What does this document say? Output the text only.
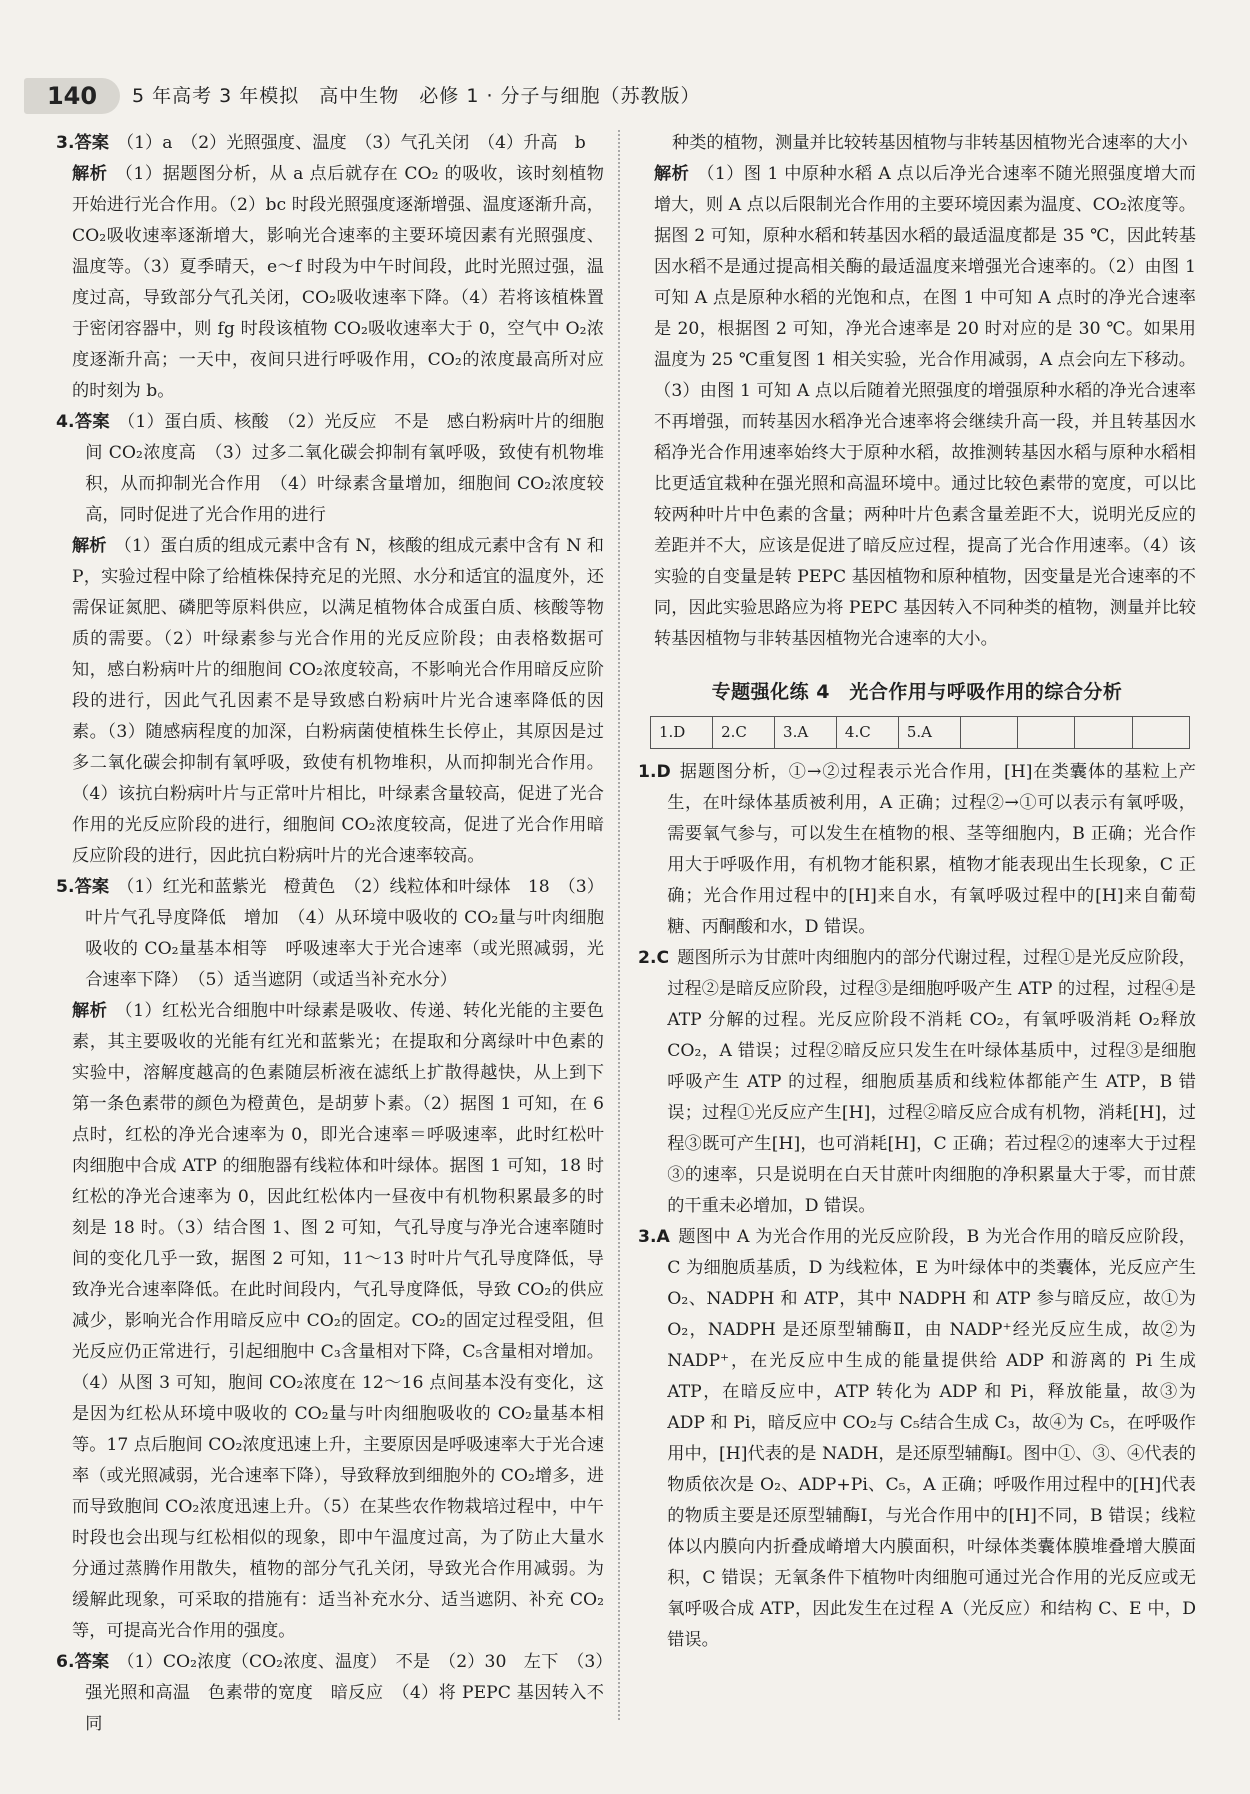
140	5 年高考 3 年模拟　高中生物　必修 1 · 分子与细胞（苏教版）

3.答案 （1）a　（2）光照强度、温度　（3）气孔关闭　（4）升高　b

解析 （1）据题图分析，从 a 点后就存在 CO₂ 的吸收，该时刻植物开始进行光合作用。（2）bc 时段光照强度逐渐增强、温度逐渐升高，CO₂吸收速率逐渐增大，影响光合速率的主要环境因素有光照强度、温度等。（3）夏季晴天，e～f 时段为中午时间段，此时光照过强，温度过高，导致部分气孔关闭，CO₂吸收速率下降。（4）若将该植株置于密闭容器中，则 fg 时段该植物 CO₂吸收速率大于 0，空气中 O₂浓度逐渐升高；一天中，夜间只进行呼吸作用，CO₂的浓度最高所对应的时刻为 b。

4.答案 （1）蛋白质、核酸　（2）光反应　不是　感白粉病叶片的细胞间 CO₂浓度高　（3）过多二氧化碳会抑制有氧呼吸，致使有机物堆积，从而抑制光合作用　（4）叶绿素含量增加，细胞间 CO₂浓度较高，同时促进了光合作用的进行

解析 （1）蛋白质的组成元素中含有 N，核酸的组成元素中含有 N 和 P，实验过程中除了给植株保持充足的光照、水分和适宜的温度外，还需保证氮肥、磷肥等原料供应，以满足植物体合成蛋白质、核酸等物质的需要。（2）叶绿素参与光合作用的光反应阶段；由表格数据可知，感白粉病叶片的细胞间 CO₂浓度较高，不影响光合作用暗反应阶段的进行，因此气孔因素不是导致感白粉病叶片光合速率降低的因素。（3）随感病程度的加深，白粉病菌使植株生长停止，其原因是过多二氧化碳会抑制有氧呼吸，致使有机物堆积，从而抑制光合作用。（4）该抗白粉病叶片与正常叶片相比，叶绿素含量较高，促进了光合作用的光反应阶段的进行，细胞间 CO₂浓度较高，促进了光合作用暗反应阶段的进行，因此抗白粉病叶片的光合速率较高。

5.答案 （1）红光和蓝紫光　橙黄色　（2）线粒体和叶绿体　18　（3）叶片气孔导度降低　增加　（4）从环境中吸收的 CO₂量与叶肉细胞吸收的 CO₂量基本相等　呼吸速率大于光合速率（或光照减弱，光合速率下降）　（5）适当遮阴（或适当补充水分）

解析 （1）红松光合细胞中叶绿素是吸收、传递、转化光能的主要色素，其主要吸收的光能有红光和蓝紫光；在提取和分离绿叶中色素的实验中，溶解度越高的色素随层析液在滤纸上扩散得越快，从上到下第一条色素带的颜色为橙黄色，是胡萝卜素。（2）据图 1 可知，在 6 点时，红松的净光合速率为 0，即光合速率＝呼吸速率，此时红松叶肉细胞中合成 ATP 的细胞器有线粒体和叶绿体。据图 1 可知，18 时红松的净光合速率为 0，因此红松体内一昼夜中有机物积累最多的时刻是 18 时。（3）结合图 1、图 2 可知，气孔导度与净光合速率随时间的变化几乎一致，据图 2 可知，11～13 时叶片气孔导度降低，导致净光合速率降低。在此时间段内，气孔导度降低，导致 CO₂的供应减少，影响光合作用暗反应中 CO₂的固定。CO₂的固定过程受阻，但光反应仍正常进行，引起细胞中 C₃含量相对下降，C₅含量相对增加。（4）从图 3 可知，胞间 CO₂浓度在 12～16 点间基本没有变化，这是因为红松从环境中吸收的 CO₂量与叶肉细胞吸收的 CO₂量基本相等。17 点后胞间 CO₂浓度迅速上升，主要原因是呼吸速率大于光合速率（或光照减弱，光合速率下降），导致释放到细胞外的 CO₂增多，进而导致胞间 CO₂浓度迅速上升。（5）在某些农作物栽培过程中，中午时段也会出现与红松相似的现象，即中午温度过高，为了防止大量水分通过蒸腾作用散失，植物的部分气孔关闭，导致光合作用减弱。为缓解此现象，可采取的措施有：适当补充水分、适当遮阴、补充 CO₂等，可提高光合作用的强度。

6.答案 （1）CO₂浓度（CO₂浓度、温度）　不是　（2）30　左下　（3）强光照和高温　色素带的宽度　暗反应　（4）将 PEPC 基因转入不同

种类的植物，测量并比较转基因植物与非转基因植物光合速率的大小

解析 （1）图 1 中原种水稻 A 点以后净光合速率不随光照强度增大而增大，则 A 点以后限制光合作用的主要环境因素为温度、CO₂浓度等。据图 2 可知，原种水稻和转基因水稻的最适温度都是 35 ℃，因此转基因水稻不是通过提高相关酶的最适温度来增强光合速率的。（2）由图 1 可知 A 点是原种水稻的光饱和点，在图 1 中可知 A 点时的净光合速率是 20，根据图 2 可知，净光合速率是 20 时对应的是 30 ℃。如果用温度为 25 ℃重复图 1 相关实验，光合作用减弱，A 点会向左下移动。（3）由图 1 可知 A 点以后随着光照强度的增强原种水稻的净光合速率不再增强，而转基因水稻净光合速率将会继续升高一段，并且转基因水稻净光合作用速率始终大于原种水稻，故推测转基因水稻与原种水稻相比更适宜栽种在强光照和高温环境中。通过比较色素带的宽度，可以比较两种叶片中色素的含量；两种叶片色素含量差距不大，说明光反应的差距并不大，应该是促进了暗反应过程，提高了光合作用速率。（4）该实验的自变量是转 PEPC 基因植物和原种植物，因变量是光合速率的不同，因此实验思路应为将 PEPC 基因转入不同种类的植物，测量并比较转基因植物与非转基因植物光合速率的大小。

专题强化练 4　光合作用与呼吸作用的综合分析
1.D	2.C	3.A	4.C	5.A				

1.D 据题图分析，①→②过程表示光合作用，[H]在类囊体的基粒上产生，在叶绿体基质被利用，A 正确；过程②→①可以表示有氧呼吸，需要氧气参与，可以发生在植物的根、茎等细胞内，B 正确；光合作用大于呼吸作用，有机物才能积累，植物才能表现出生长现象，C 正确；光合作用过程中的[H]来自水，有氧呼吸过程中的[H]来自葡萄糖、丙酮酸和水，D 错误。

2.C 题图所示为甘蔗叶肉细胞内的部分代谢过程，过程①是光反应阶段，过程②是暗反应阶段，过程③是细胞呼吸产生 ATP 的过程，过程④是 ATP 分解的过程。光反应阶段不消耗 CO₂，有氧呼吸消耗 O₂释放 CO₂，A 错误；过程②暗反应只发生在叶绿体基质中，过程③是细胞呼吸产生 ATP 的过程，细胞质基质和线粒体都能产生 ATP，B 错误；过程①光反应产生[H]，过程②暗反应合成有机物，消耗[H]，过程③既可产生[H]，也可消耗[H]，C 正确；若过程②的速率大于过程③的速率，只是说明在白天甘蔗叶肉细胞的净积累量大于零，而甘蔗的干重未必增加，D 错误。

3.A 题图中 A 为光合作用的光反应阶段，B 为光合作用的暗反应阶段，C 为细胞质基质，D 为线粒体，E 为叶绿体中的类囊体，光反应产生 O₂、NADPH 和 ATP，其中 NADPH 和 ATP 参与暗反应，故①为 O₂，NADPH 是还原型辅酶Ⅱ，由 NADP⁺经光反应生成，故②为 NADP⁺，在光反应中生成的能量提供给 ADP 和游离的 Pi 生成 ATP，在暗反应中，ATP 转化为 ADP 和 Pi，释放能量，故③为 ADP 和 Pi，暗反应中 CO₂与 C₅结合生成 C₃，故④为 C₅，在呼吸作用中，[H]代表的是 NADH，是还原型辅酶Ⅰ。图中①、③、④代表的物质依次是 O₂、ADP+Pi、C₅，A 正确；呼吸作用过程中的[H]代表的物质主要是还原型辅酶Ⅰ，与光合作用中的[H]不同，B 错误；线粒体以内膜向内折叠成嵴增大内膜面积，叶绿体类囊体膜堆叠增大膜面积，C 错误；无氧条件下植物叶肉细胞可通过光合作用的光反应或无氧呼吸合成 ATP，因此发生在过程 A（光反应）和结构 C、E 中，D 错误。
